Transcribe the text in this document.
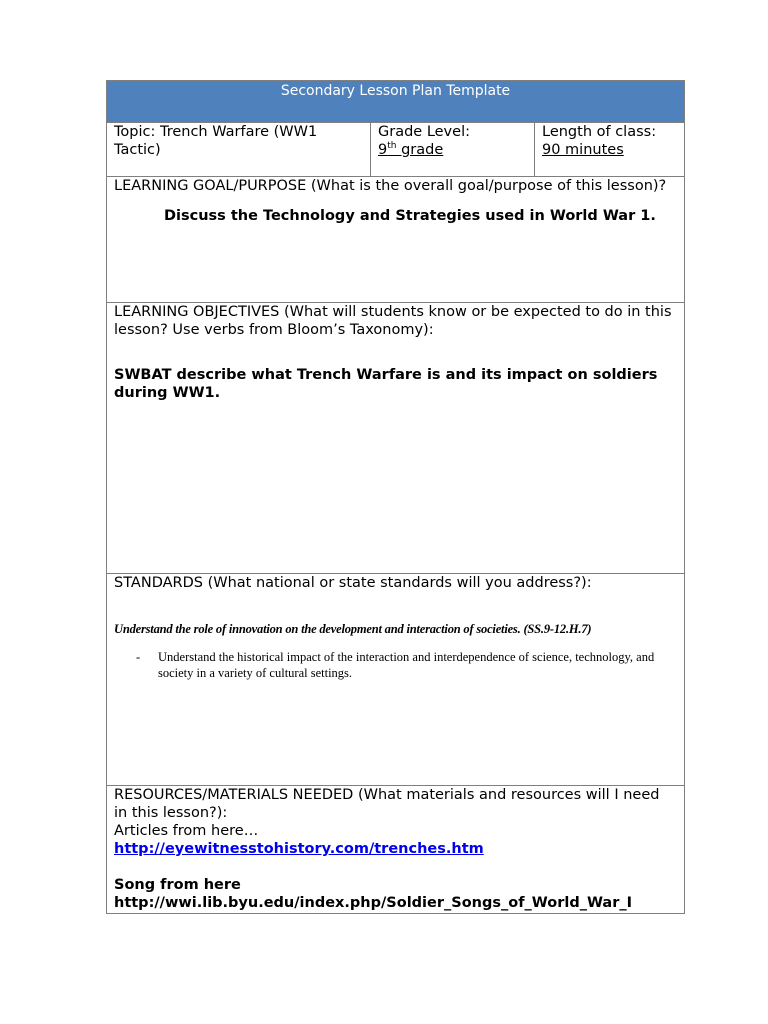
Secondary Lesson Plan Template
Topic: Trench Warfare (WW1 Tactic)	
Grade Level:
9th grade

Length of class:
90 minutes

LEARNING GOAL/PURPOSE (What is the overall goal/purpose of this lesson)?
Discuss the Technology and Strategies used in World War 1.

LEARNING OBJECTIVES (What will students know or be expected to do in this lesson? Use verbs from Bloom’s Taxonomy):
SWBAT describe what Trench Warfare is and its impact on soldiers during WW1.

STANDARDS (What national or state standards will you address?):
Understand the role of innovation on the development and interaction of societies. (SS.9-12.H.7)
-	Understand the historical impact of the interaction and interdependence of science, technology, and society in a variety of cultural settings.

RESOURCES/MATERIALS NEEDED (What materials and resources will I need in this lesson?):
Articles from here…
http://eyewitnesstohistory.com/trenches.htm
Song from here
http://wwi.lib.byu.edu/index.php/Soldier_Songs_of_World_War_I
